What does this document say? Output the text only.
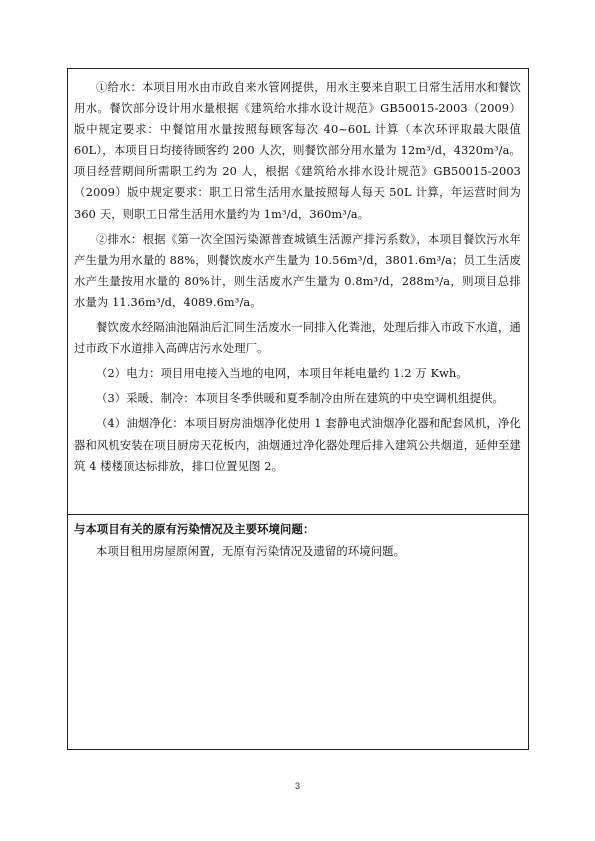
①给水：本项目用水由市政自来水管网提供，用水主要来自职工日常生活用水和餐饮用水。餐饮部分设计用水量根据《建筑给水排水设计规范》GB50015-2003（2009）版中规定要求：中餐馆用水量按照每顾客每次 40~60L 计算（本次环评取最大限值 60L），本项目日均接待顾客约 200 人次，则餐饮部分用水量为 12m³/d，4320m³/a。项目经营期间所需职工约为 20 人，根据《建筑给水排水设计规范》GB50015-2003（2009）版中规定要求：职工日常生活用水量按照每人每天 50L 计算，年运营时间为 360 天，则职工日常生活用水量约为 1m³/d，360m³/a。

②排水：根据《第一次全国污染源普查城镇生活源产排污系数》，本项目餐饮污水年产生量为用水量的 88%，则餐饮废水产生量为 10.56m³/d，3801.6m³/a；员工生活废水产生量按用水量的 80%计，则生活废水产生量为 0.8m³/d，288m³/a，则项目总排水量为 11.36m³/d，4089.6m³/a。

餐饮废水经隔油池隔油后汇同生活废水一同排入化粪池，处理后排入市政下水道，通过市政下水道排入高碑店污水处理厂。

（2）电力：项目用电接入当地的电网，本项目年耗电量约 1.2 万 Kwh。

（3）采暖、制冷：本项目冬季供暖和夏季制冷由所在建筑的中央空调机组提供。

（4）油烟净化：本项目厨房油烟净化使用 1 套静电式油烟净化器和配套风机，净化器和风机安装在项目厨房天花板内，油烟通过净化器处理后排入建筑公共烟道，延伸至建筑 4 楼楼顶达标排放，排口位置见图 2。

与本项目有关的原有污染情况及主要环境问题：

本项目租用房屋原闲置，无原有污染情况及遗留的环境问题。

3
